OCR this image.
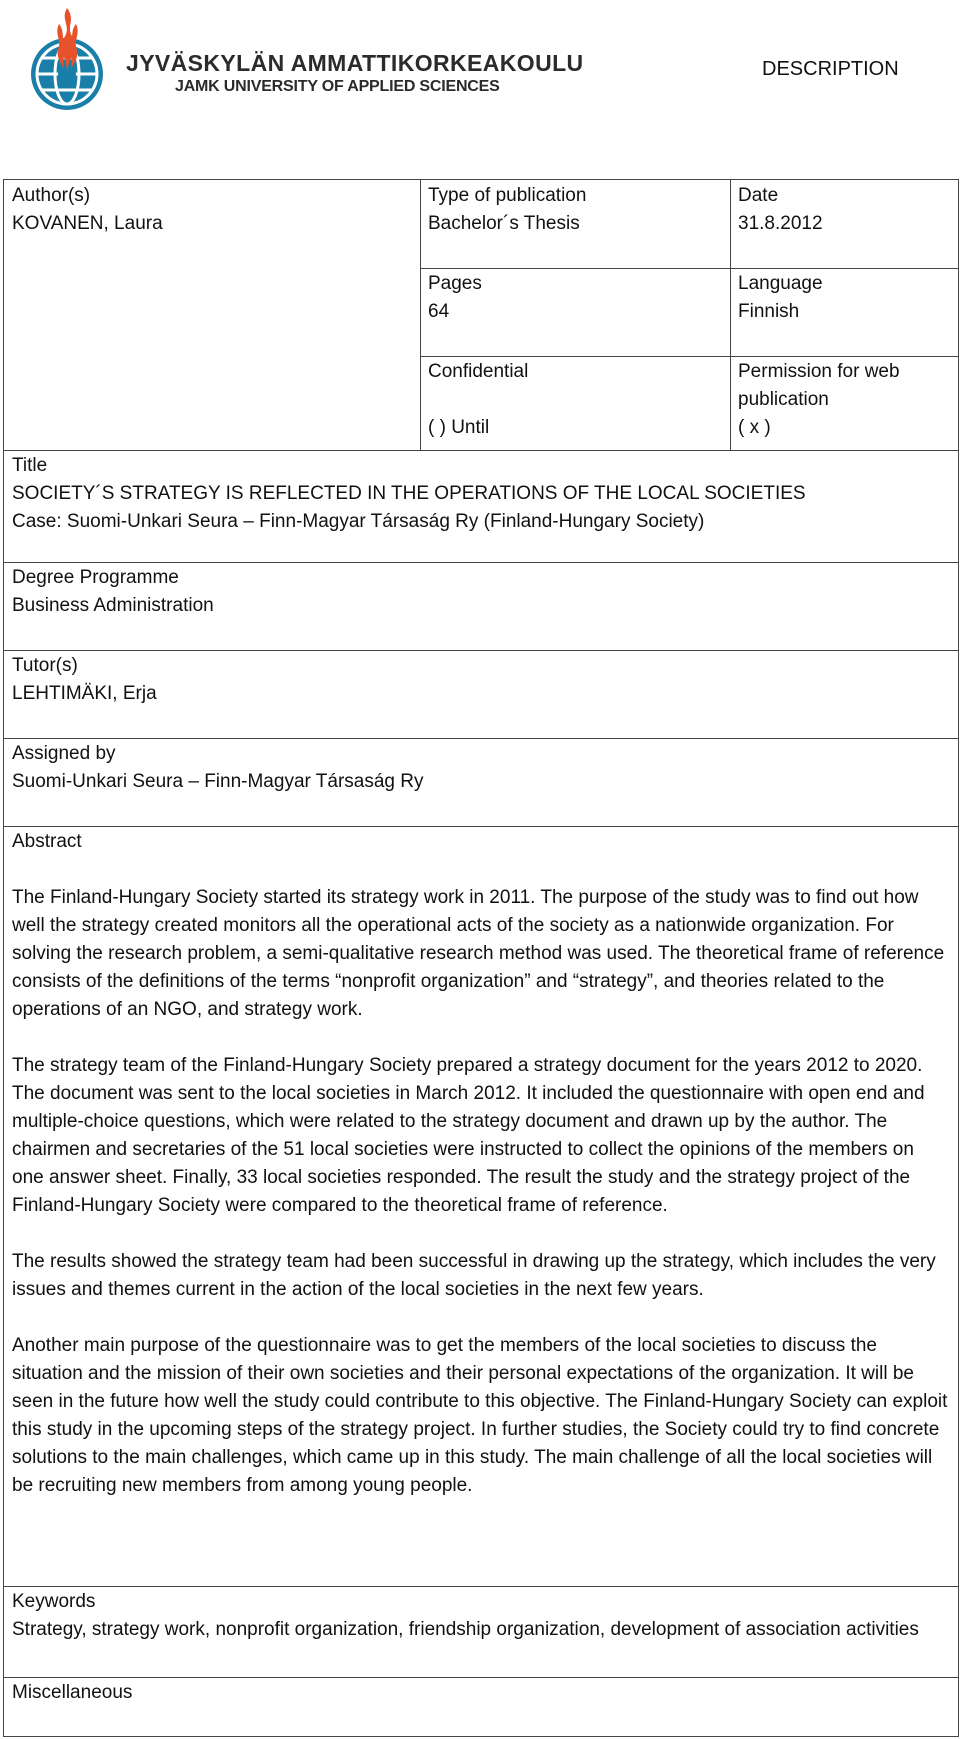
JYVÄSKYLÄN AMMATTIKORKEAKOULU
JAMK UNIVERSITY OF APPLIED SCIENCES
DESCRIPTION
Author(s)
KOVANEN, Laura
Type of publication
Bachelor´s Thesis
Date
31.8.2012
Pages
64
Language
Finnish
Confidential
( ) Until
Permission for web
publication
( x )
Title
SOCIETY´S STRATEGY IS REFLECTED IN THE OPERATIONS OF THE LOCAL SOCIETIES
Case: Suomi-Unkari Seura – Finn-Magyar Társaság Ry (Finland-Hungary Society)
Degree Programme
Business Administration
Tutor(s)
LEHTIMÄKI, Erja
Assigned by
Suomi-Unkari Seura – Finn-Magyar Társaság Ry
Abstract
The Finland-Hungary Society started its strategy work in 2011. The purpose of the study was to find out how well the strategy created monitors all the operational acts of the society as a nationwide organization. For solving the research problem, a semi-qualitative research method was used. The theoretical frame of reference consists of the definitions of the terms “nonprofit organization” and “strategy”, and theories related to the operations of an NGO, and strategy work.
The strategy team of the Finland-Hungary Society prepared a strategy document for the years 2012 to 2020. The document was sent to the local societies in March 2012. It included the questionnaire with open end and multiple-choice questions, which were related to the strategy document and drawn up by the author. The chairmen and secretaries of the 51 local societies were instructed to collect the opinions of the members on one answer sheet. Finally, 33 local societies responded. The result the study and the strategy project of the Finland-Hungary Society were compared to the theoretical frame of reference.
The results showed the strategy team had been successful in drawing up the strategy, which includes the very issues and themes current in the action of the local societies in the next few years.
Another main purpose of the questionnaire was to get the members of the local societies to discuss the situation and the mission of their own societies and their personal expectations of the organization. It will be seen in the future how well the study could contribute to this objective. The Finland-Hungary Society can exploit this study in the upcoming steps of the strategy project. In further studies, the Society could try to find concrete solutions to the main challenges, which came up in this study. The main challenge of all the local societies will be recruiting new members from among young people.
Keywords
Strategy, strategy work, nonprofit organization, friendship organization, development of association activities
Miscellaneous
